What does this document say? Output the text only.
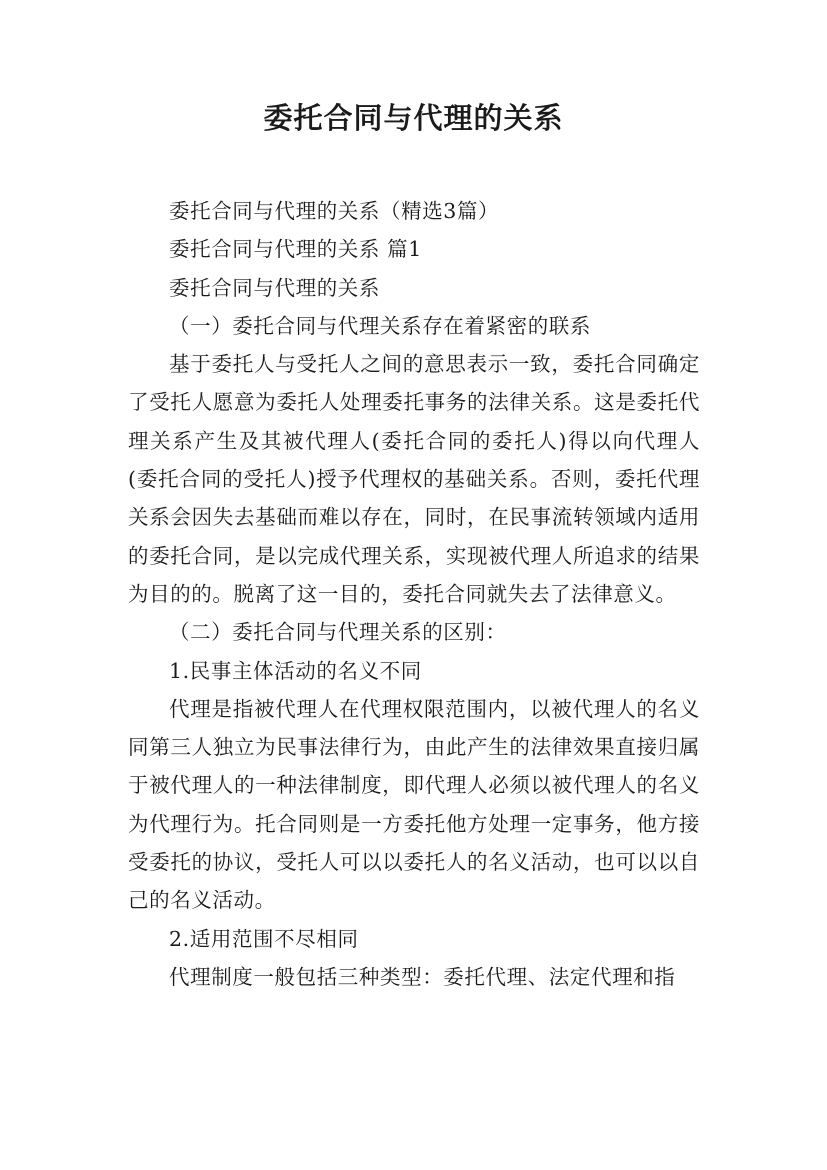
委托合同与代理的关系

委托合同与代理的关系（精选3篇）

委托合同与代理的关系 篇1

委托合同与代理的关系

（一）委托合同与代理关系存在着紧密的联系

基于委托人与受托人之间的意思表示一致，委托合同确定了受托人愿意为委托人处理委托事务的法律关系。这是委托代理关系产生及其被代理人(委托合同的委托人)得以向代理人(委托合同的受托人)授予代理权的基础关系。否则，委托代理关系会因失去基础而难以存在，同时，在民事流转领域内适用的委托合同，是以完成代理关系，实现被代理人所追求的结果为目的的。脱离了这一目的，委托合同就失去了法律意义。

（二）委托合同与代理关系的区别：

1.民事主体活动的名义不同

代理是指被代理人在代理权限范围内，以被代理人的名义同第三人独立为民事法律行为，由此产生的法律效果直接归属于被代理人的一种法律制度，即代理人必须以被代理人的名义为代理行为。托合同则是一方委托他方处理一定事务，他方接受委托的协议，受托人可以以委托人的名义活动，也可以以自己的名义活动。

2.适用范围不尽相同

代理制度一般包括三种类型：委托代理、法定代理和指
